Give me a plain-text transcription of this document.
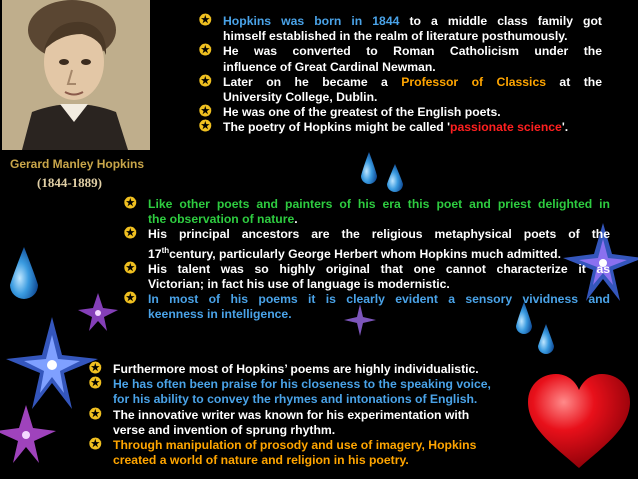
Gerard Manley Hopkins
(1844-1889)
✪ Hopkins was born in 1844 to a middle class family got
himself established in the realm of literature posthumously.
✪ He was converted to Roman Catholicism under the
influence of Great Cardinal Newman.
✪ Later on he became a Professor of Classics at the
University College, Dublin.
✪ He was one of the greatest of the English poets.
✪ The poetry of Hopkins might be called 'passionate science'.
✪ Like other poets and painters of his era this poet and priest delighted in
the observation of nature.
✪ His principal ancestors are the religious metaphysical poets of the
17thcentury, particularly George Herbert whom Hopkins much admitted.
✪ His talent was so highly original that one cannot characterize it as
Victorian; in fact his use of language is modernistic.
✪ In most of his poems it is clearly evident a sensory vividness and
keenness in intelligence.
✪ Furthermore most of Hopkins’ poems are highly individualistic.
✪ He has often been praise for his closeness to the speaking voice,
for his ability to convey the rhymes and intonations of English.
✪ The innovative writer was known for his experimentation with
verse and invention of sprung rhythm.
✪ Through manipulation of prosody and use of imagery, Hopkins
created a world of nature and religion in his poetry.
